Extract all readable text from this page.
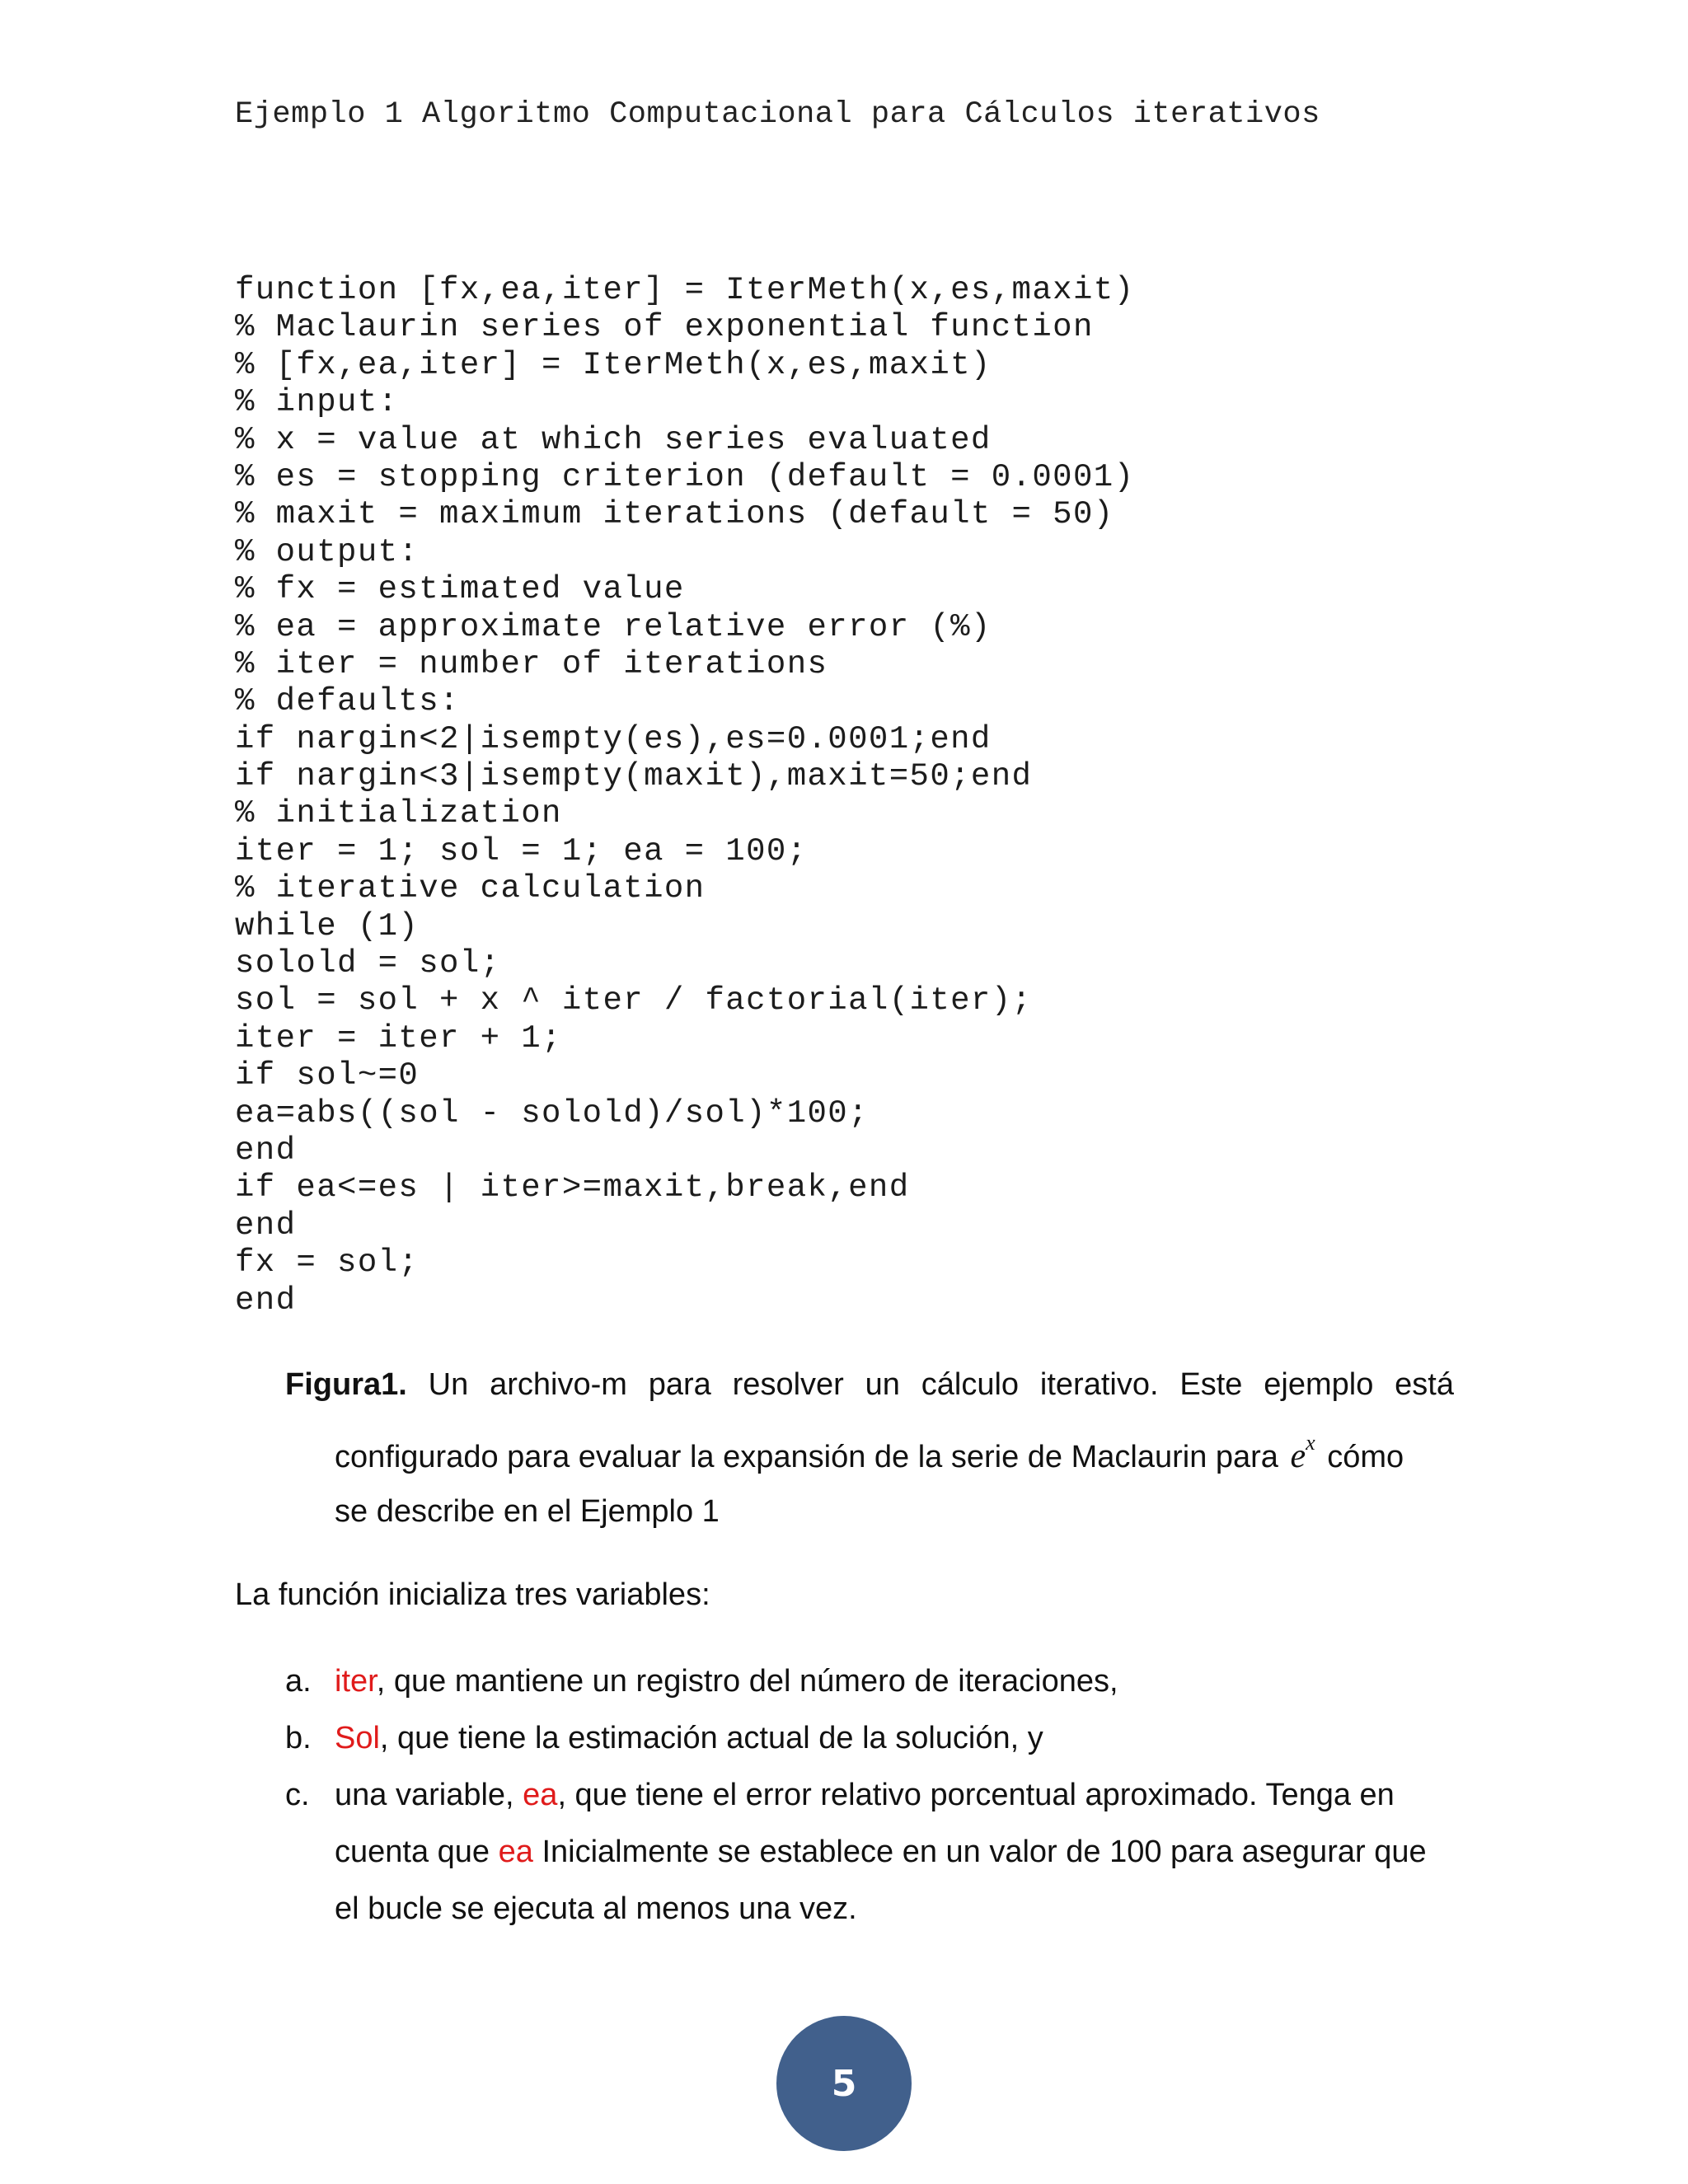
Ejemplo 1 Algoritmo Computacional para Cálculos iterativos
function [fx,ea,iter] = IterMeth(x,es,maxit)
% Maclaurin series of exponential function
% [fx,ea,iter] = IterMeth(x,es,maxit)
% input:
% x = value at which series evaluated
% es = stopping criterion (default = 0.0001)
% maxit = maximum iterations (default = 50)
% output:
% fx = estimated value
% ea = approximate relative error (%)
% iter = number of iterations
% defaults:
if nargin<2|isempty(es),es=0.0001;end
if nargin<3|isempty(maxit),maxit=50;end
% initialization
iter = 1; sol = 1; ea = 100;
% iterative calculation
while (1)
solold = sol;
sol = sol + x ^ iter / factorial(iter);
iter = iter + 1;
if sol~=0
ea=abs((sol - solold)/sol)*100;
end
if ea<=es | iter>=maxit,break,end
end
fx = sol;
end
Figura1. Un archivo-m para resolver un cálculo iterativo. Este ejemplo está
configurado para evaluar la expansión de la serie de Maclaurin para $e^x$ cómo
se describe en el Ejemplo 1
La función inicializa tres variables:
a. iter, que mantiene un registro del número de iteraciones,
b. Sol, que tiene la estimación actual de la solución, y
c. una variable, ea, que tiene el error relativo porcentual aproximado. Tenga en cuenta que ea Inicialmente se establece en un valor de 100 para asegurar que el bucle se ejecuta al menos una vez.
5
